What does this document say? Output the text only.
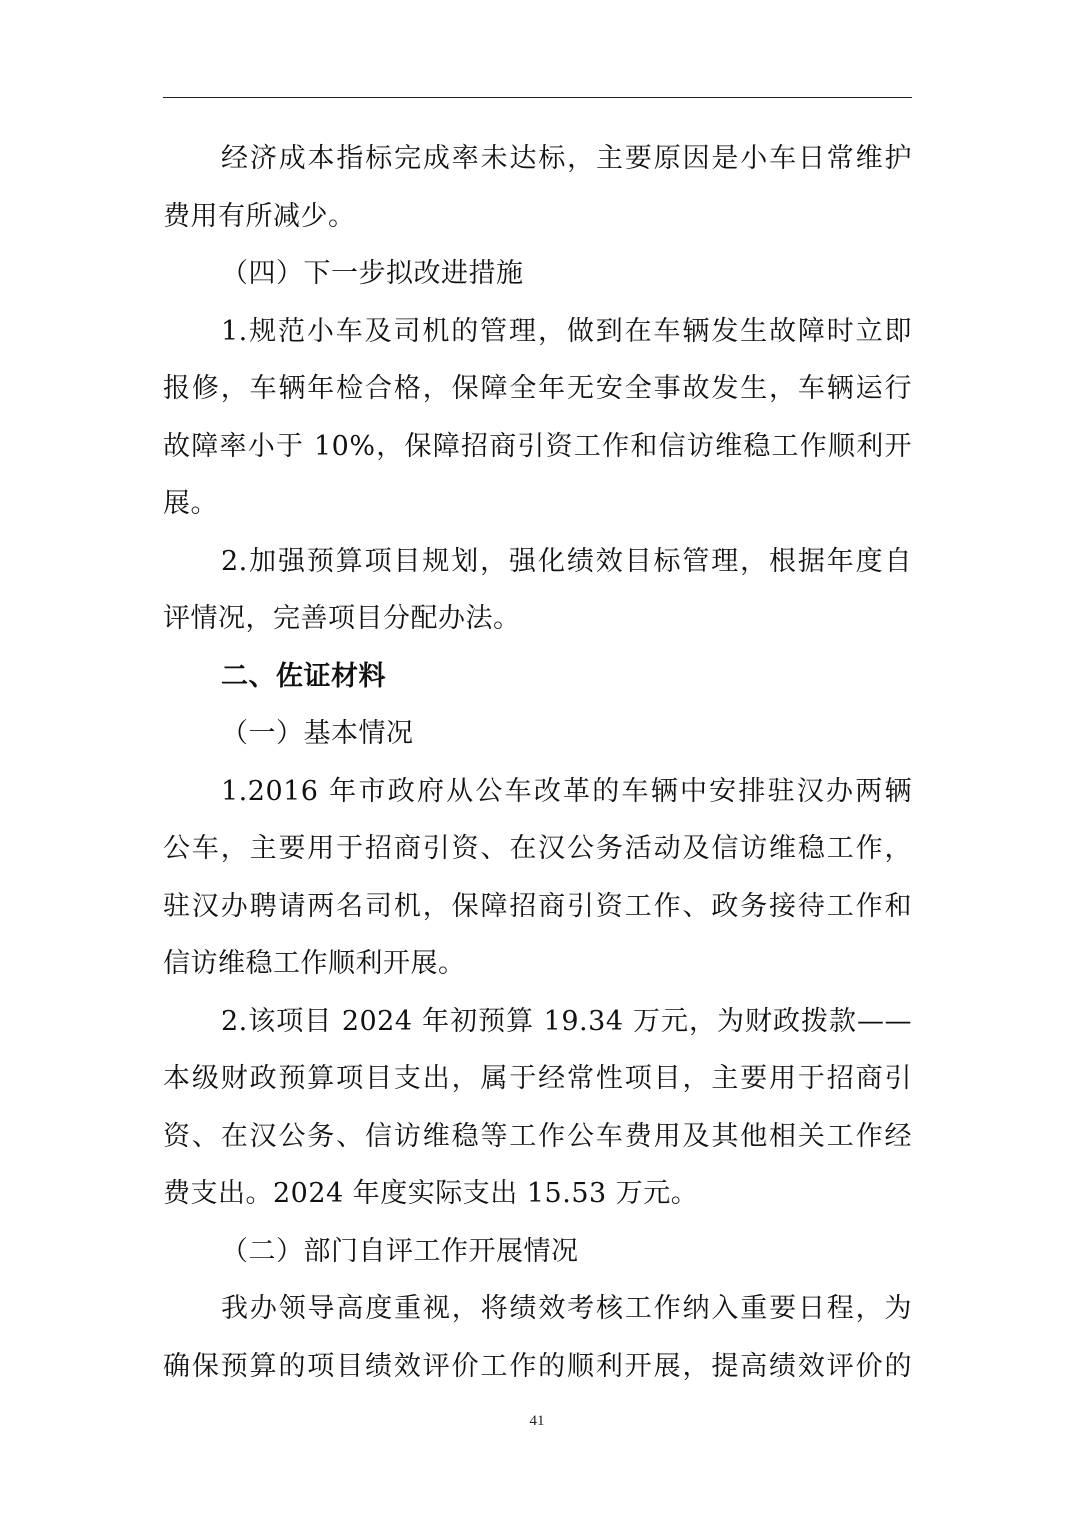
经济成本指标完成率未达标，主要原因是小车日常维护
费用有所减少。
（四）下一步拟改进措施
1.规范小车及司机的管理，做到在车辆发生故障时立即
报修，车辆年检合格，保障全年无安全事故发生，车辆运行
故障率小于 10%，保障招商引资工作和信访维稳工作顺利开
展。
2.加强预算项目规划，强化绩效目标管理，根据年度自
评情况，完善项目分配办法。
二、佐证材料
（一）基本情况
1.2016 年市政府从公车改革的车辆中安排驻汉办两辆
公车，主要用于招商引资、在汉公务活动及信访维稳工作，
驻汉办聘请两名司机，保障招商引资工作、政务接待工作和
信访维稳工作顺利开展。
2.该项目 2024 年初预算 19.34 万元，为财政拨款——
本级财政预算项目支出，属于经常性项目，主要用于招商引
资、在汉公务、信访维稳等工作公车费用及其他相关工作经
费支出。2024 年度实际支出 15.53 万元。
（二）部门自评工作开展情况
我办领导高度重视，将绩效考核工作纳入重要日程，为
确保预算的项目绩效评价工作的顺利开展，提高绩效评价的
41
